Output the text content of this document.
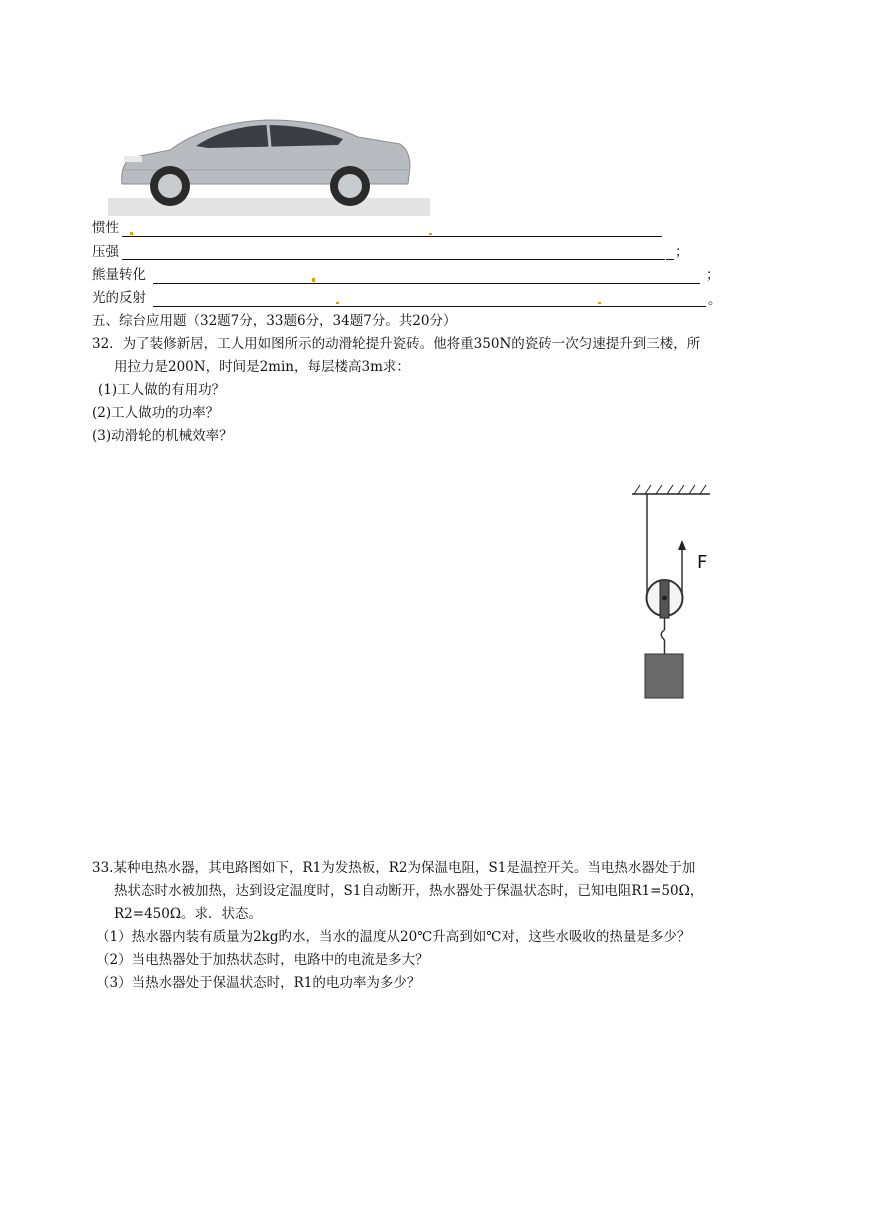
惯性
压强	；
熊量转化	；
光的反射	。
五、综台应用题（32题7分，33题6分，34题7分。共20分）
32．为了装修新居，工人用如图所示的动滑轮提升瓷砖。他将重350N的瓷砖一次匀速提升到三楼，所
用拉力是200N，时间是2min，每层楼高3m求：
(1)工人做的有用功？
(2)工人做功的功率？
(3)动滑轮的机械效率？
F
33.某种电热水器，其电路图如下，R1为发热板，R2为保温电阻，S1是温控开关。当电热水器处于加
热状态时水被加热，达到设定温度时，S1自动断开，热水器处于保温状态时，已知电阻R1=50Ω，
R2=450Ω。求．状态。
（1）热水器内装有质量为2kg旳水，当水的温度从20℃升高到如℃对，这些水吸收的热量是多少？
（2）当电热器处于加热状态时，电路中的电流是多大？
（3）当热水器处于保温状态时，R1的电功率为多少？
